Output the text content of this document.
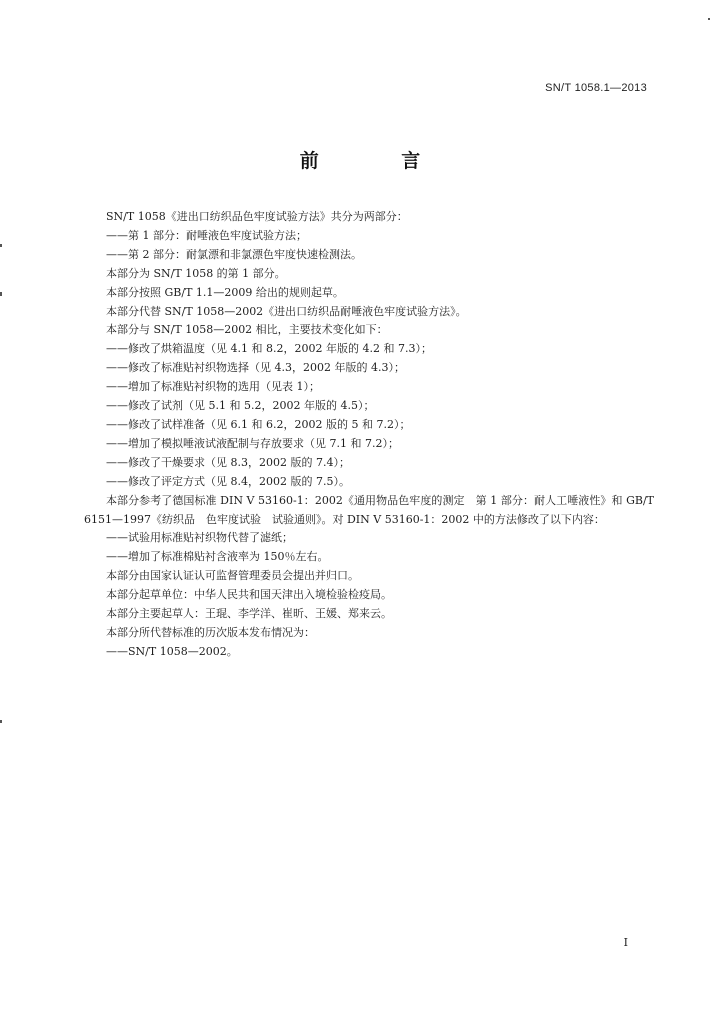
SN/T 1058.1—2013
前 言

SN/T 1058《进出口纺织品色牢度试验方法》共分为两部分：

——第 1 部分：耐唾液色牢度试验方法；

——第 2 部分：耐氯漂和非氯漂色牢度快速检测法。

本部分为 SN/T 1058 的第 1 部分。

本部分按照 GB/T 1.1—2009 给出的规则起草。

本部分代替 SN/T 1058—2002《进出口纺织品耐唾液色牢度试验方法》。

本部分与 SN/T 1058—2002 相比，主要技术变化如下：

——修改了烘箱温度（见 4.1 和 8.2，2002 年版的 4.2 和 7.3）；

——修改了标准贴衬织物选择（见 4.3，2002 年版的 4.3）；

——增加了标准贴衬织物的选用（见表 1）；

——修改了试剂（见 5.1 和 5.2，2002 年版的 4.5）；

——修改了试样准备（见 6.1 和 6.2，2002 版的 5 和 7.2）；

——增加了模拟唾液试液配制与存放要求（见 7.1 和 7.2）；

——修改了干燥要求（见 8.3，2002 版的 7.4）；

——修改了评定方式（见 8.4，2002 版的 7.5）。

本部分参考了德国标准 DIN V 53160-1：2002《通用物品色牢度的测定　第 1 部分：耐人工唾液性》和 GB/T 6151—1997《纺织品　色牢度试验　试验通则》。对 DIN V 53160-1：2002 中的方法修改了以下内容：

——试验用标准贴衬织物代替了滤纸；

——增加了标准棉贴衬含液率为 150％左右。

本部分由国家认证认可监督管理委员会提出并归口。

本部分起草单位：中华人民共和国天津出入境检验检疫局。

本部分主要起草人：王琨、李学洋、崔昕、王媛、郑来云。

本部分所代替标准的历次版本发布情况为：

——SN/T 1058—2002。

I
